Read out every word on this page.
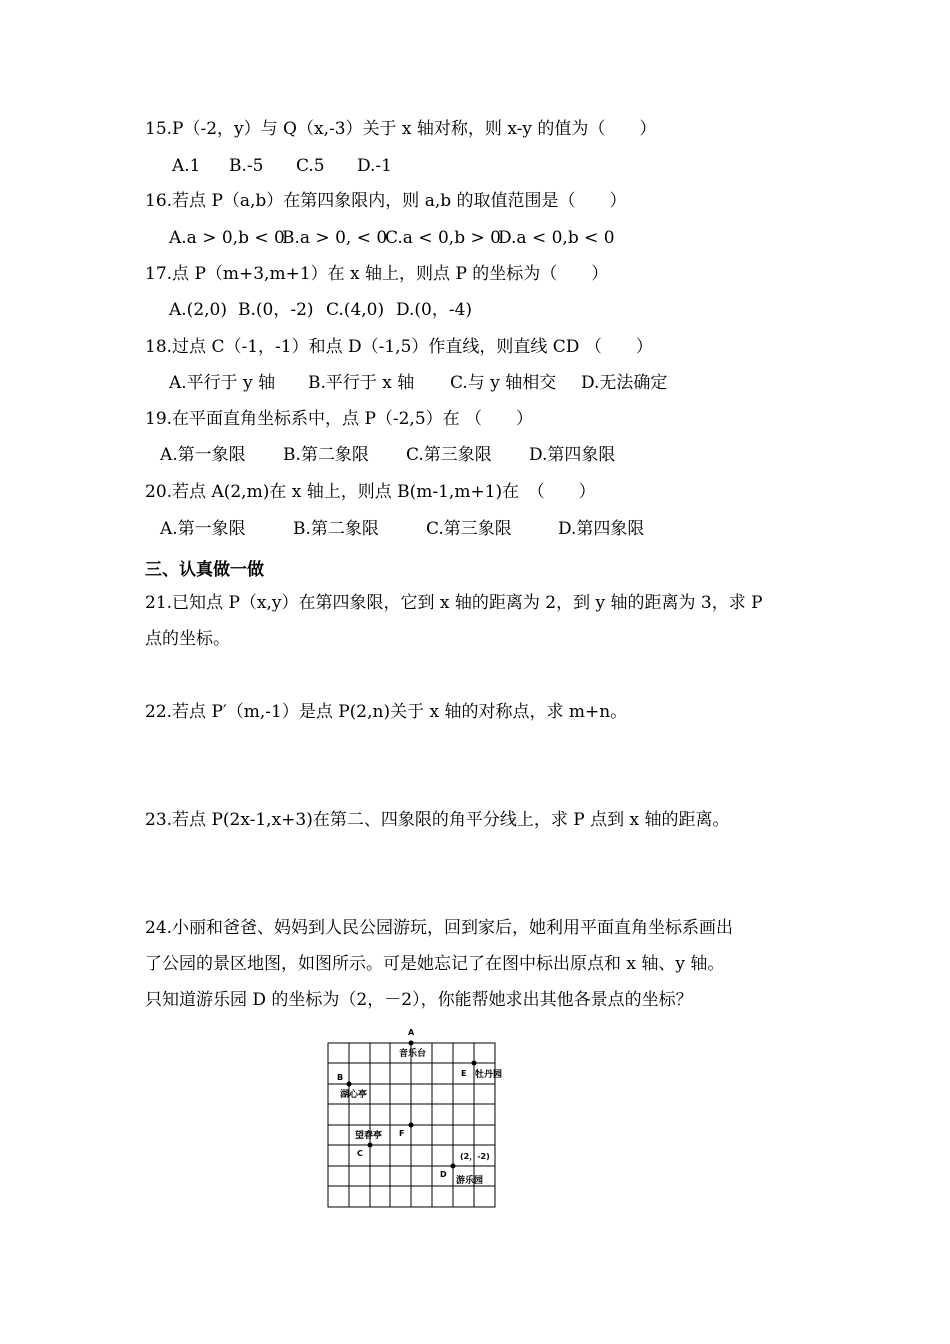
15.P（-2，y）与 Q（x,-3）关于 x 轴对称，则 x-y 的值为（　　）
A.1 B.-5 C.5 D.-1
16.若点 P（a,b）在第四象限内，则 a,b 的取值范围是（　　）
A.a > 0,b < 0
B.a > 0, < 0
C.a < 0,b > 0
D.a < 0,b < 0
17.点 P（m+3,m+1）在 x 轴上，则点 P 的坐标为（　　）
A.(2,0) B.(0，-2) C.(4,0) D.(0，-4)
18.过点 C（-1，-1）和点 D（-1,5）作直线，则直线 CD （　　）
A.平行于 y 轴 B.平行于 x 轴 C.与 y 轴相交 D.无法确定
19.在平面直角坐标系中，点 P（-2,5）在 （　　）
A.第一象限 B.第二象限 C.第三象限 D.第四象限
20.若点 A(2,m)在 x 轴上，则点 B(m-1,m+1)在　（　　）
A.第一象限	B.第二象限	C.第三象限	D.第四象限
三、认真做一做
21.已知点 P（x,y）在第四象限，它到 x 轴的距离为 2，到 y 轴的距离为 3，求 P
点的坐标。
22.若点 P′（m,-1）是点 P(2,n)关于 x 轴的对称点，求 m+n。
23.若点 P(2x-1,x+3)在第二、四象限的角平分线上，求 P 点到 x 轴的距离。
24.小丽和爸爸、妈妈到人民公园游玩，回到家后，她利用平面直角坐标系画出
了公园的景区地图，如图所示。可是她忘记了在图中标出原点和 x 轴、y 轴。
只知道游乐园 D 的坐标为（2，－2），你能帮她求出其他各景点的坐标？
A
音乐台
E 牡丹园
B
湖心亭
F
望春亭
C	(2，-2)
D
游乐园
